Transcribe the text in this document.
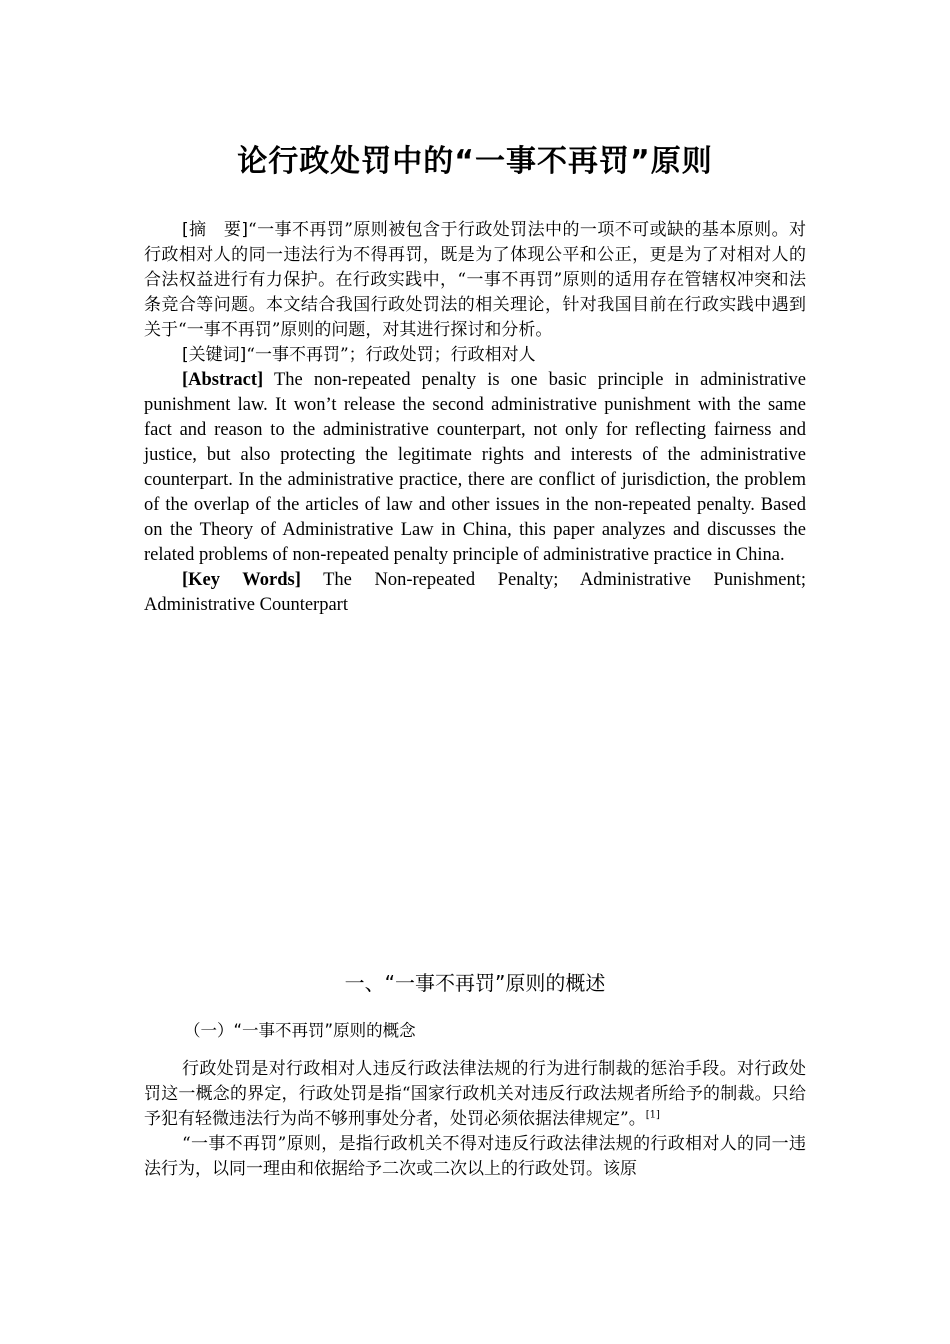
论行政处罚中的“一事不再罚”原则

[摘　要]“一事不再罚”原则被包含于行政处罚法中的一项不可或缺的基本原则。对行政相对人的同一违法行为不得再罚，既是为了体现公平和公正，更是为了对相对人的合法权益进行有力保护。在行政实践中，“一事不再罚”原则的适用存在管辖权冲突和法条竞合等问题。本文结合我国行政处罚法的相关理论，针对我国目前在行政实践中遇到关于“一事不再罚”原则的问题，对其进行探讨和分析。

[关键词]“一事不再罚”；行政处罚；行政相对人

[Abstract] The non-repeated penalty is one basic principle in administrative punishment law. It won’t release the second administrative punishment with the same fact and reason to the administrative counterpart, not only for reflecting fairness and justice, but also protecting the legitimate rights and interests of the administrative counterpart. In the administrative practice, there are conflict of jurisdiction, the problem of the overlap of the articles of law and other issues in the non-repeated penalty. Based on the Theory of Administrative Law in China, this paper analyzes and discusses the related problems of non-repeated penalty principle of administrative practice in China.

[Key Words] The Non-repeated Penalty; Administrative Punishment; Administrative Counterpart

一、“一事不再罚”原则的概述
（一）“一事不再罚”原则的概念

行政处罚是对行政相对人违反行政法律法规的行为进行制裁的惩治手段。对行政处罚这一概念的界定，行政处罚是指“国家行政机关对违反行政法规者所给予的制裁。只给予犯有轻微违法行为尚不够刑事处分者，处罚必须依据法律规定”。[1]

“一事不再罚”原则，是指行政机关不得对违反行政法律法规的行政相对人的同一违法行为，以同一理由和依据给予二次或二次以上的行政处罚。该原
